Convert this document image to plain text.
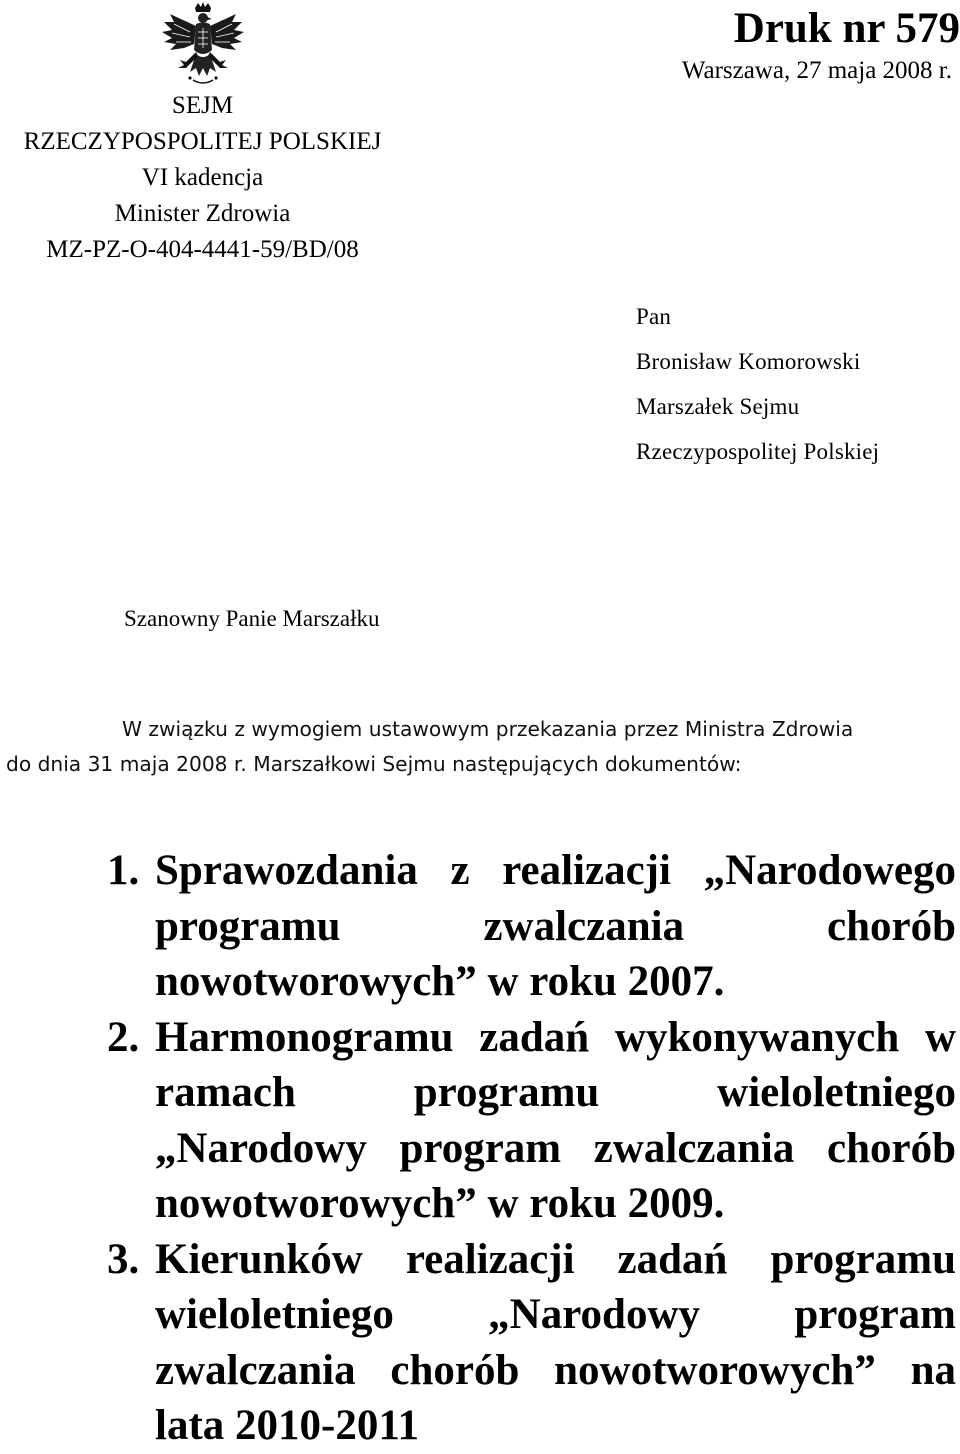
SEJM
RZECZYPOSPOLITEJ POLSKIEJ
VI kadencja
Minister Zdrowia
MZ-PZ-O-404-4441-59/BD/08
Druk nr 579
Warszawa, 27 maja 2008 r.
Pan
Bronisław Komorowski
Marszałek Sejmu
Rzeczypospolitej Polskiej
Szanowny Panie Marszałku
W związku z wymogiem ustawowym przekazania przez Ministra Zdrowia
do dnia 31 maja 2008 r. Marszałkowi Sejmu następujących dokumentów:
1. Sprawozdania z realizacji „Narodowego programu zwalczania chorób nowotworowych” w roku 2007.
2. Harmonogramu zadań wykonywanych w ramach programu wieloletniego „Narodowy program zwalczania chorób nowotworowych” w roku 2009.
3. Kierunków realizacji zadań programu wieloletniego „Narodowy program zwalczania chorób nowotworowych” na lata 2010-2011
